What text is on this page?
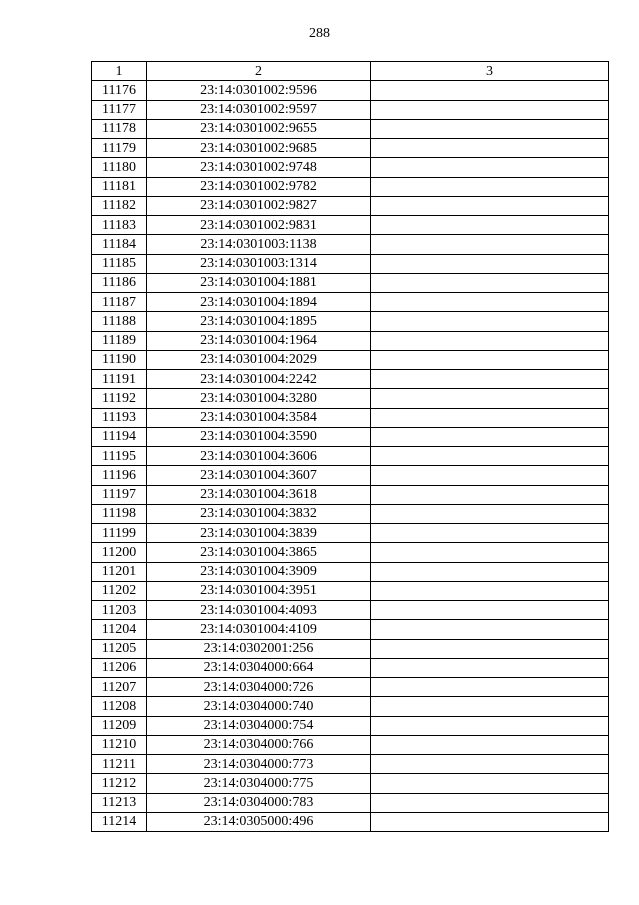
288
1	2	3
11176	23:14:0301002:9596	
11177	23:14:0301002:9597	
11178	23:14:0301002:9655	
11179	23:14:0301002:9685	
11180	23:14:0301002:9748	
11181	23:14:0301002:9782	
11182	23:14:0301002:9827	
11183	23:14:0301002:9831	
11184	23:14:0301003:1138	
11185	23:14:0301003:1314	
11186	23:14:0301004:1881	
11187	23:14:0301004:1894	
11188	23:14:0301004:1895	
11189	23:14:0301004:1964	
11190	23:14:0301004:2029	
11191	23:14:0301004:2242	
11192	23:14:0301004:3280	
11193	23:14:0301004:3584	
11194	23:14:0301004:3590	
11195	23:14:0301004:3606	
11196	23:14:0301004:3607	
11197	23:14:0301004:3618	
11198	23:14:0301004:3832	
11199	23:14:0301004:3839	
11200	23:14:0301004:3865	
11201	23:14:0301004:3909	
11202	23:14:0301004:3951	
11203	23:14:0301004:4093	
11204	23:14:0301004:4109	
11205	23:14:0302001:256	
11206	23:14:0304000:664	
11207	23:14:0304000:726	
11208	23:14:0304000:740	
11209	23:14:0304000:754	
11210	23:14:0304000:766	
11211	23:14:0304000:773	
11212	23:14:0304000:775	
11213	23:14:0304000:783	
11214	23:14:0305000:496	
